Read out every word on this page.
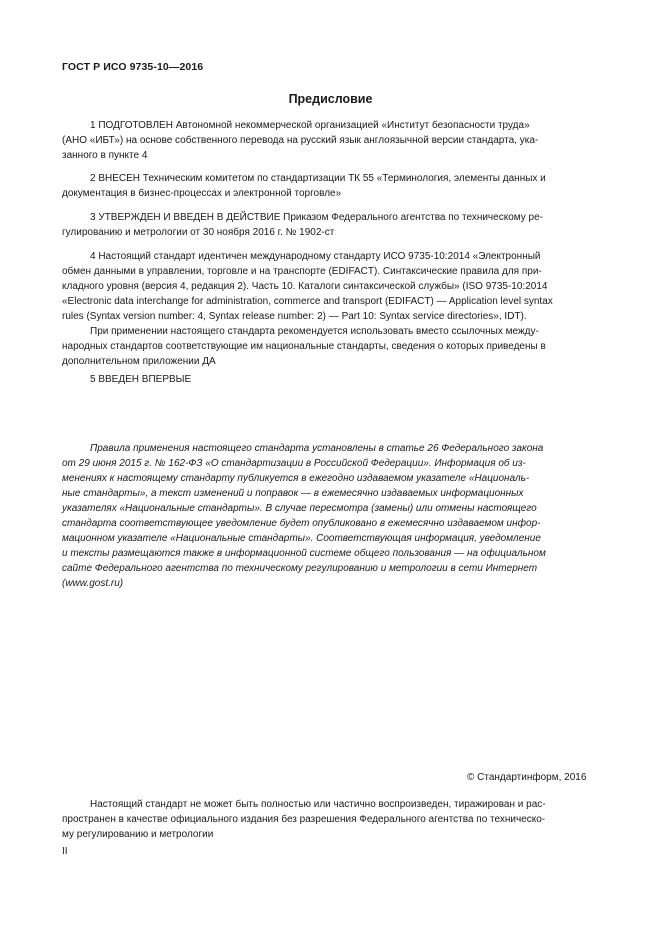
ГОСТ Р ИСО 9735-10—2016
Предисловие
1 ПОДГОТОВЛЕН Автономной некоммерческой организацией «Институт безопасности труда»
(АНО «ИБТ») на основе собственного перевода на русский язык англоязычной версии стандарта, ука-
занного в пункте 4
2 ВНЕСЕН Техническим комитетом по стандартизации ТК 55 «Терминология, элементы данных и
документация в бизнес-процессах и электронной торговле»
3 УТВЕРЖДЕН И ВВЕДЕН В ДЕЙСТВИЕ Приказом Федерального агентства по техническому ре-
гулированию и метрологии от 30 ноября 2016 г. № 1902-ст
4 Настоящий стандарт идентичен международному стандарту ИСО 9735-10:2014 «Электронный
обмен данными в управлении, торговле и на транспорте (EDIFACT). Синтаксические правила для при-
кладного уровня (версия 4, редакция 2). Часть 10. Каталоги синтаксической службы» (ISO 9735-10:2014
«Electronic data interchange for administration, commerce and transport (EDIFACT) — Application level syntax
rules (Syntax version number: 4, Syntax release number: 2) — Part 10: Syntax service directories», IDT).
При применении настоящего стандарта рекомендуется использовать вместо ссылочных между-
народных стандартов соответствующие им национальные стандарты, сведения о которых приведены в
дополнительном приложении ДА
5 ВВЕДЕН ВПЕРВЫЕ
Правила применения настоящего стандарта установлены в статье 26 Федерального закона
от 29 июня 2015 г. № 162-ФЗ «О стандартизации в Российской Федерации». Информация об из-
менениях к настоящему стандарту публикуется в ежегодно издаваемом указателе «Националь-
ные стандарты», а текст изменений и поправок — в ежемесячно издаваемых информационных
указателях «Национальные стандарты». В случае пересмотра (замены) или отмены настоящего
стандарта соответствующее уведомление будет опубликовано в ежемесячно издаваемом инфор-
мационном указателе «Национальные стандарты». Соответствующая информация, уведомление
и тексты размещаются также в информационной системе общего пользования — на официальном
сайте Федерального агентства по техническому регулированию и метрологии в сети Интернет
(www.gost.ru)
© Стандартинформ, 2016
Настоящий стандарт не может быть полностью или частично воспроизведен, тиражирован и рас-
пространен в качестве официального издания без разрешения Федерального агентства по техническо-
му регулированию и метрологии
II
